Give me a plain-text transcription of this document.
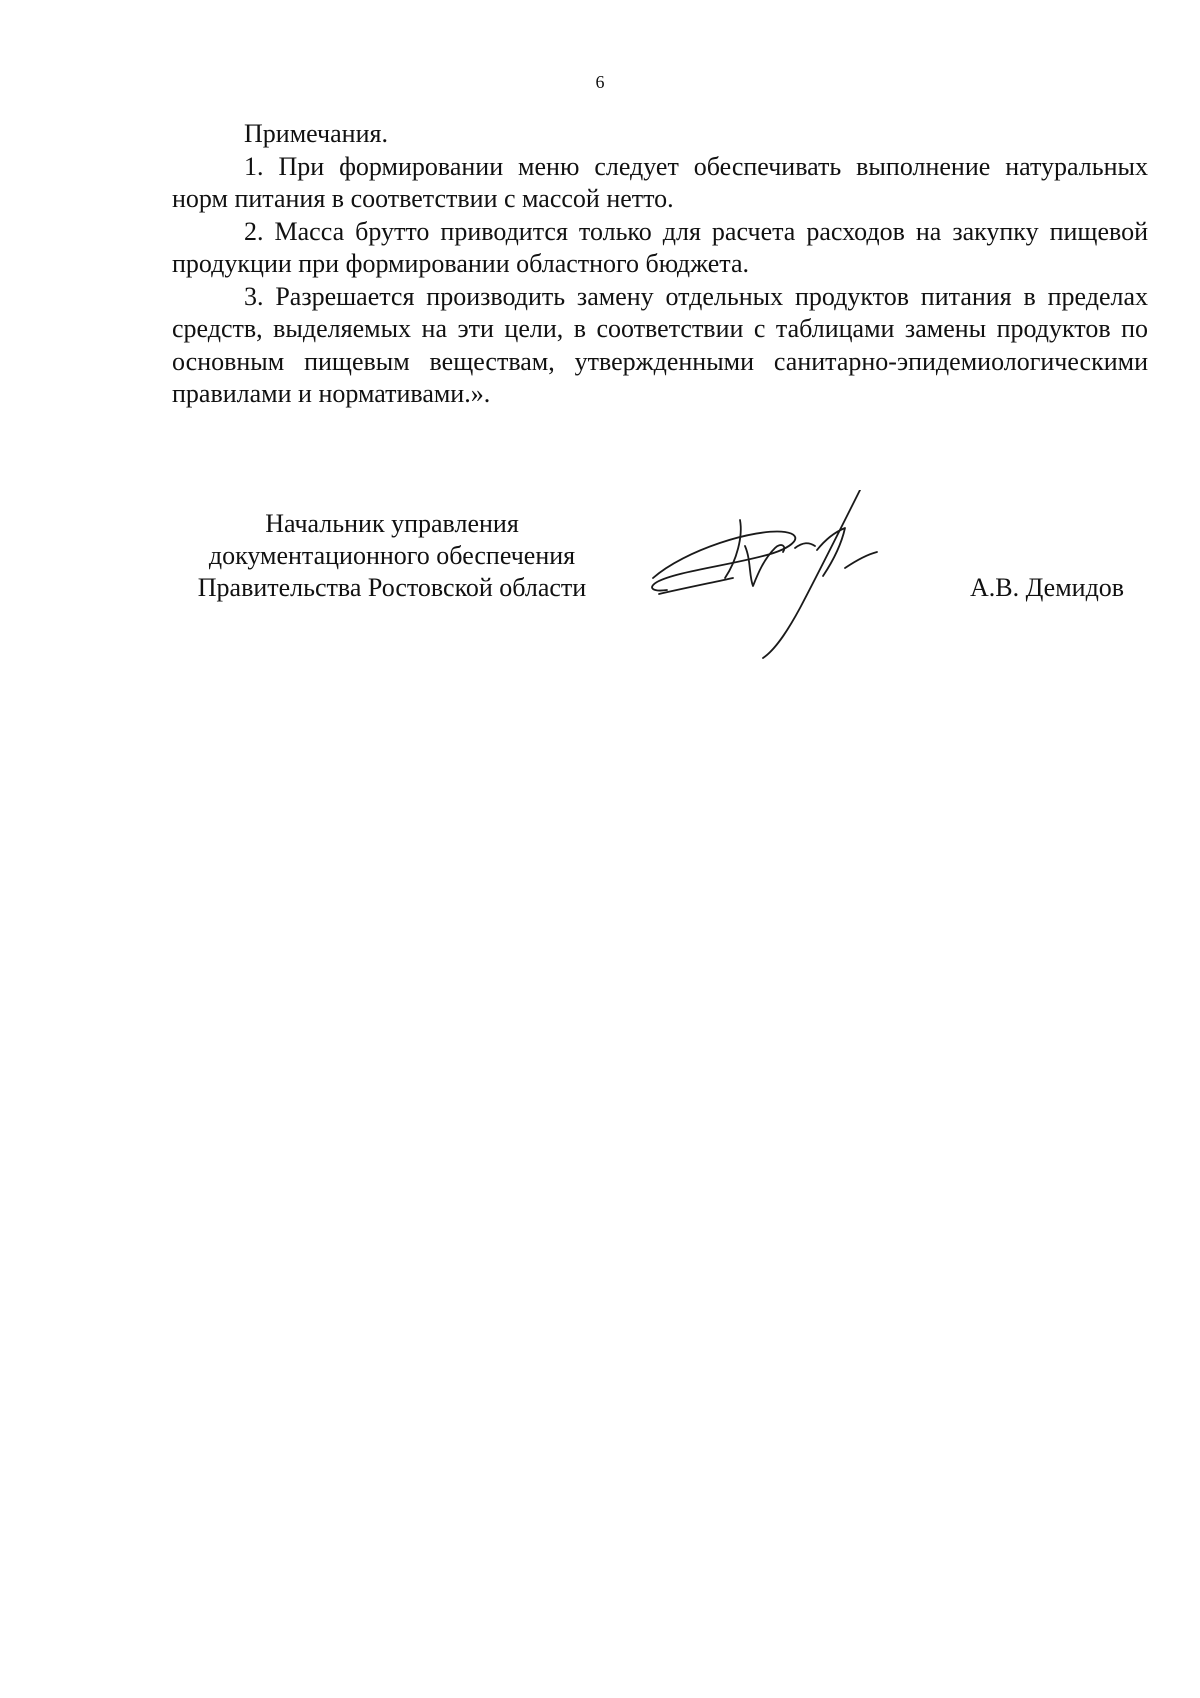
6

Примечания.

1. При формировании меню следует обеспечивать выполнение натуральных норм питания в соответствии с массой нетто.

2. Масса брутто приводится только для расчета расходов на закупку пищевой продукции при формировании областного бюджета.

3. Разрешается производить замену отдельных продуктов питания в пределах средств, выделяемых на эти цели, в соответствии с таблицами замены продуктов по основным пищевым веществам, утвержденными санитарно-эпидемиологическими правилами и нормативами.».

Начальник управления
документационного обеспечения
Правительства Ростовской области	А.В. Демидов
